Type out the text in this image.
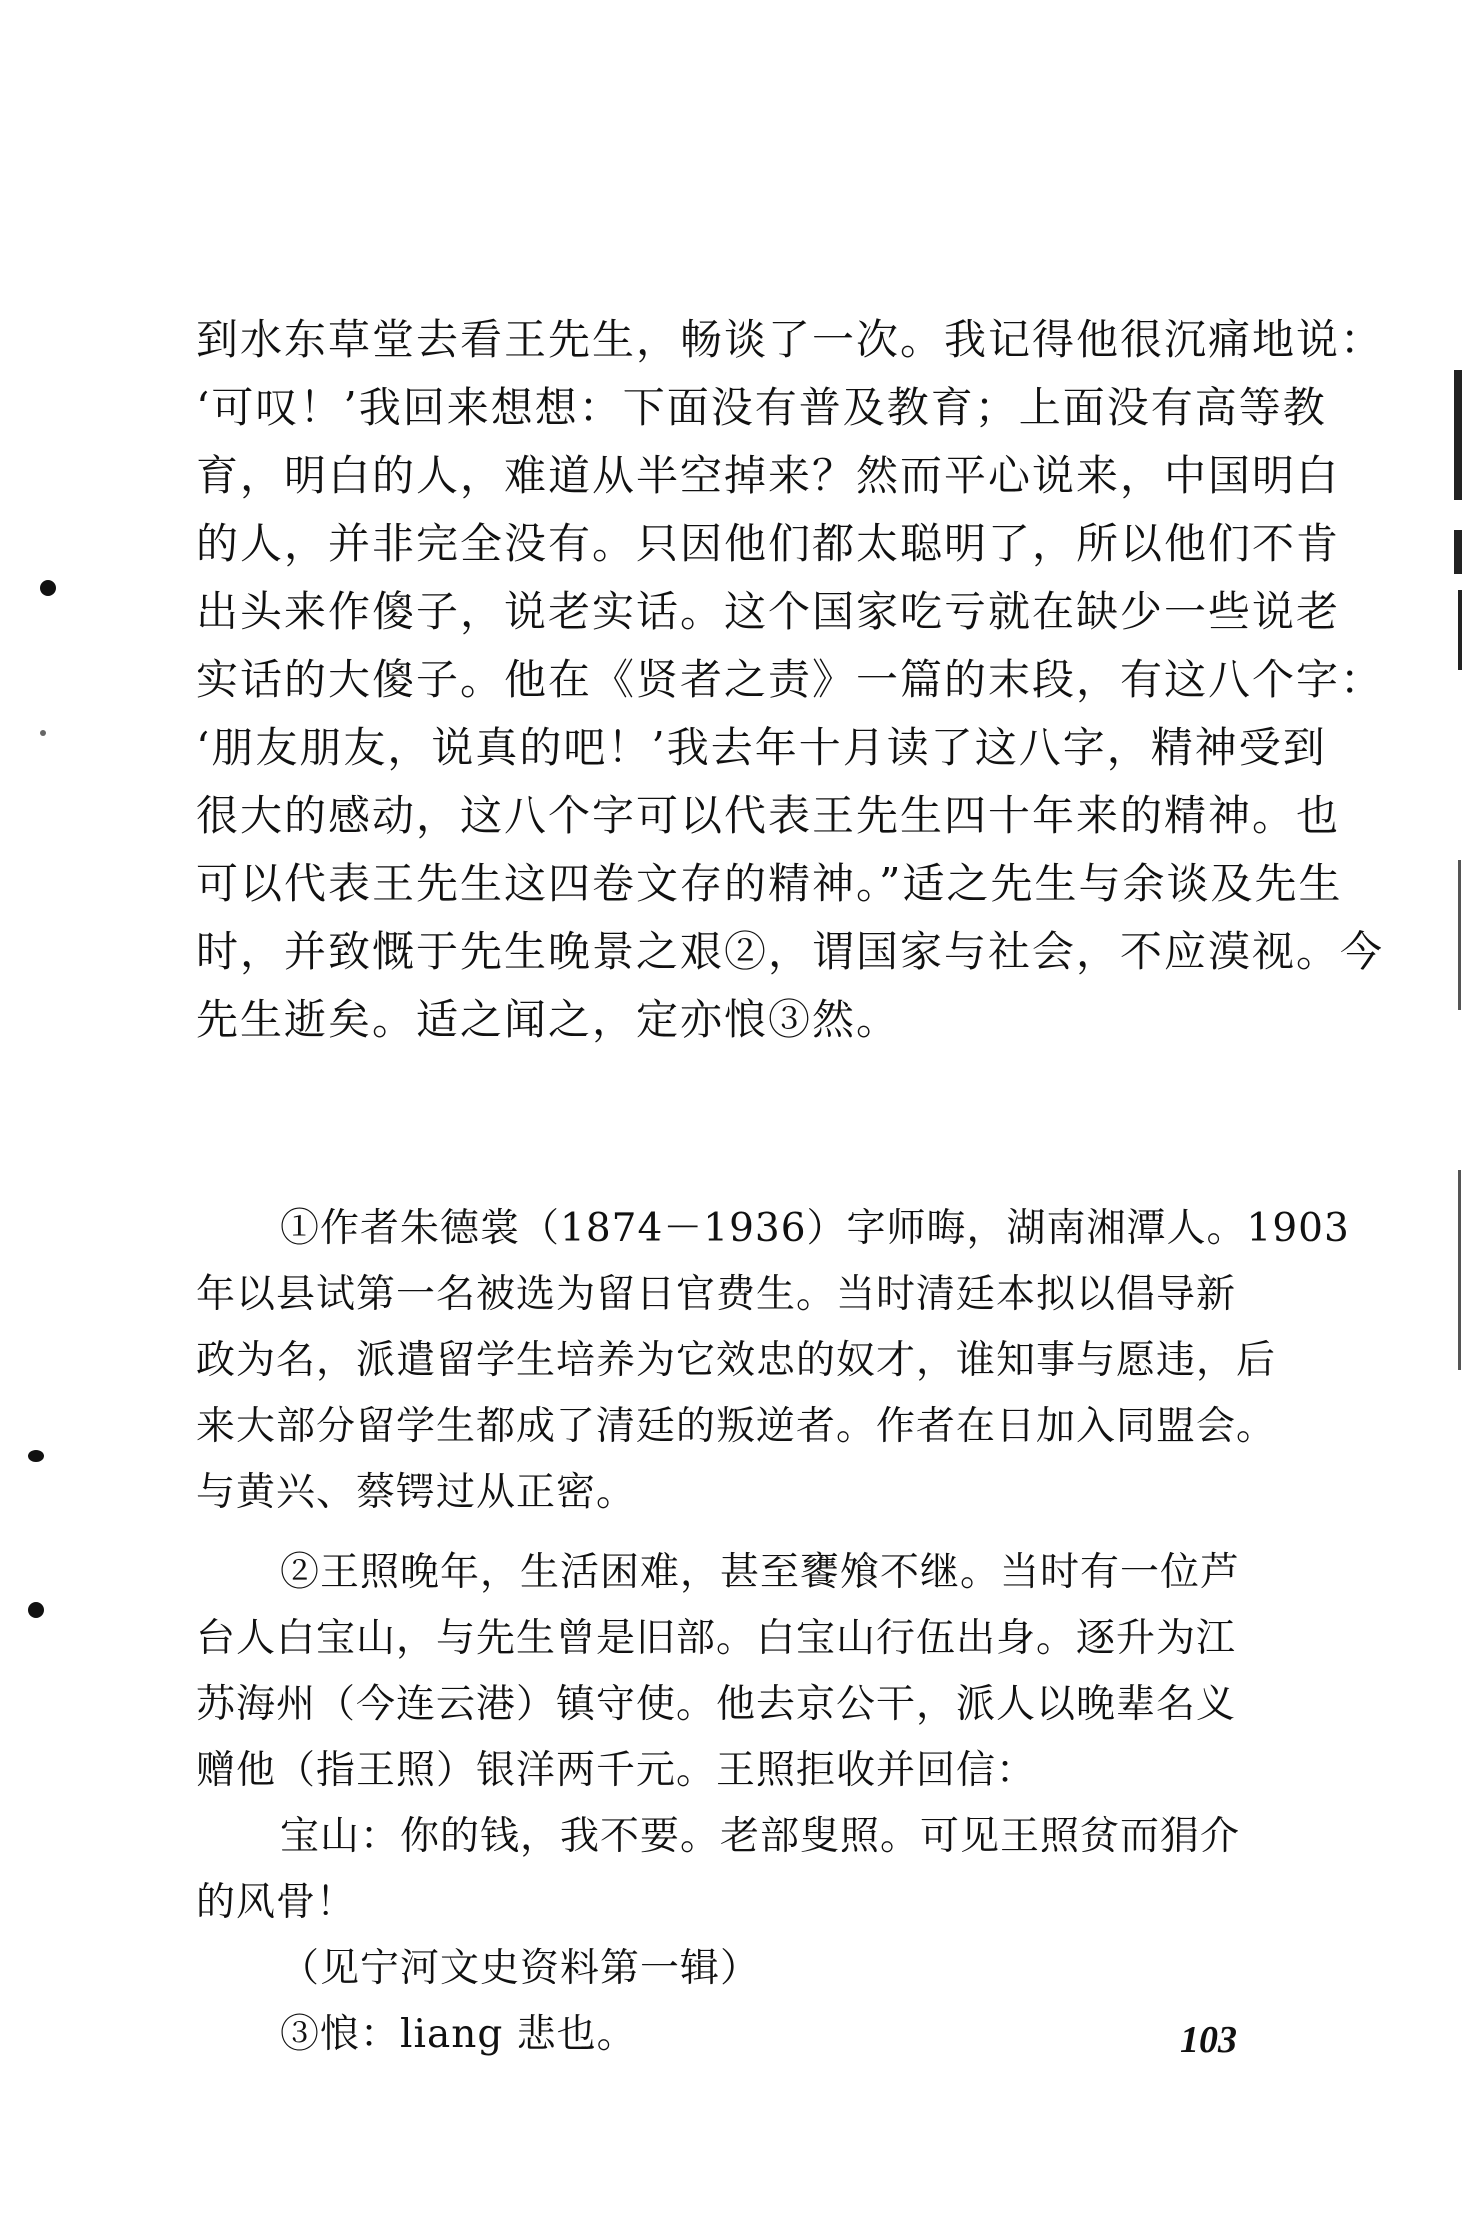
到水东草堂去看王先生，畅谈了一次。我记得他很沉痛地说：
‘可叹！’我回来想想：下面没有普及教育；上面没有高等教
育，明白的人，难道从半空掉来？然而平心说来，中国明白
的人，并非完全没有。只因他们都太聪明了，所以他们不肯
出头来作傻子，说老实话。这个国家吃亏就在缺少一些说老
实话的大傻子。他在《贤者之责》一篇的末段，有这八个字：
‘朋友朋友，说真的吧！’我去年十月读了这八字，精神受到
很大的感动，这八个字可以代表王先生四十年来的精神。也
可以代表王先生这四卷文存的精神。”适之先生与余谈及先生
时，并致慨于先生晚景之艰②，谓国家与社会，不应漠视。今
先生逝矣。适之闻之，定亦悢③然。
①作者朱德裳（1874－1936）字师晦，湖南湘潭人。1903
年以县试第一名被选为留日官费生。当时清廷本拟以倡导新
政为名，派遣留学生培养为它效忠的奴才，谁知事与愿违，后
来大部分留学生都成了清廷的叛逆者。作者在日加入同盟会。
与黄兴、蔡锷过从正密。
②王照晚年，生活困难，甚至饔飧不继。当时有一位芦
台人白宝山，与先生曾是旧部。白宝山行伍出身。逐升为江
苏海州（今连云港）镇守使。他去京公干，派人以晚辈名义
赠他（指王照）银洋两千元。王照拒收并回信：
宝山：你的钱，我不要。老部叟照。可见王照贫而狷介
的风骨！
（见宁河文史资料第一辑）
③悢：liang 悲也。	103
